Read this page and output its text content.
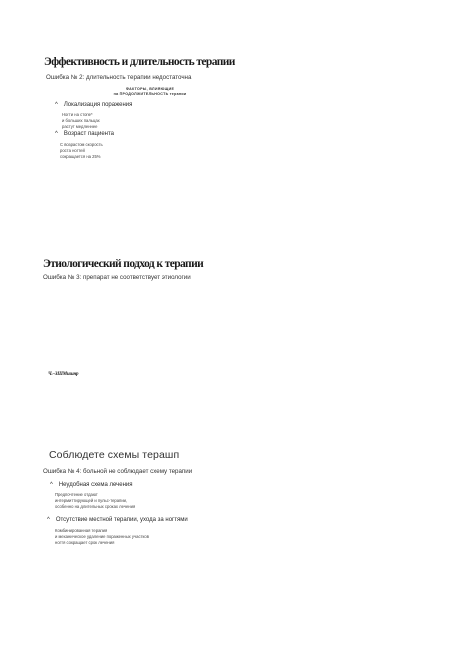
Эффективность и длительность терапии
Ошибка № 2: длительность терапии недостаточна
ФАКТОРЫ, ВЛИЯЮЩИЕ
на ПРОДОЛЖИТЕЛЬНОСТЬ терапии
^ Локализация поражения
Ногти на стопе*
и больших пальцах
растут медленнее
^ Возраст пациента
С возрастом скорость
роста ногтей
сокращается на 25%
Этиологический подход к терапии
Ошибка № 3: препарат не соответствует этиологии
Ч.–ЗШМишнр
Соблюдете схемы терашп
Ошибка № 4: больной не соблюдает схему терапии
^ Неудобная схема лечения
Предпочтение отдают
интермиттирующей и пульс-терапии,
особенно на длительных сроках лечения
^ Отсутствие местной терапии, ухода за ногтями
Комбинированная терапия
и механическое удаление пораженных участков
ногтя сокращает срок лечения
